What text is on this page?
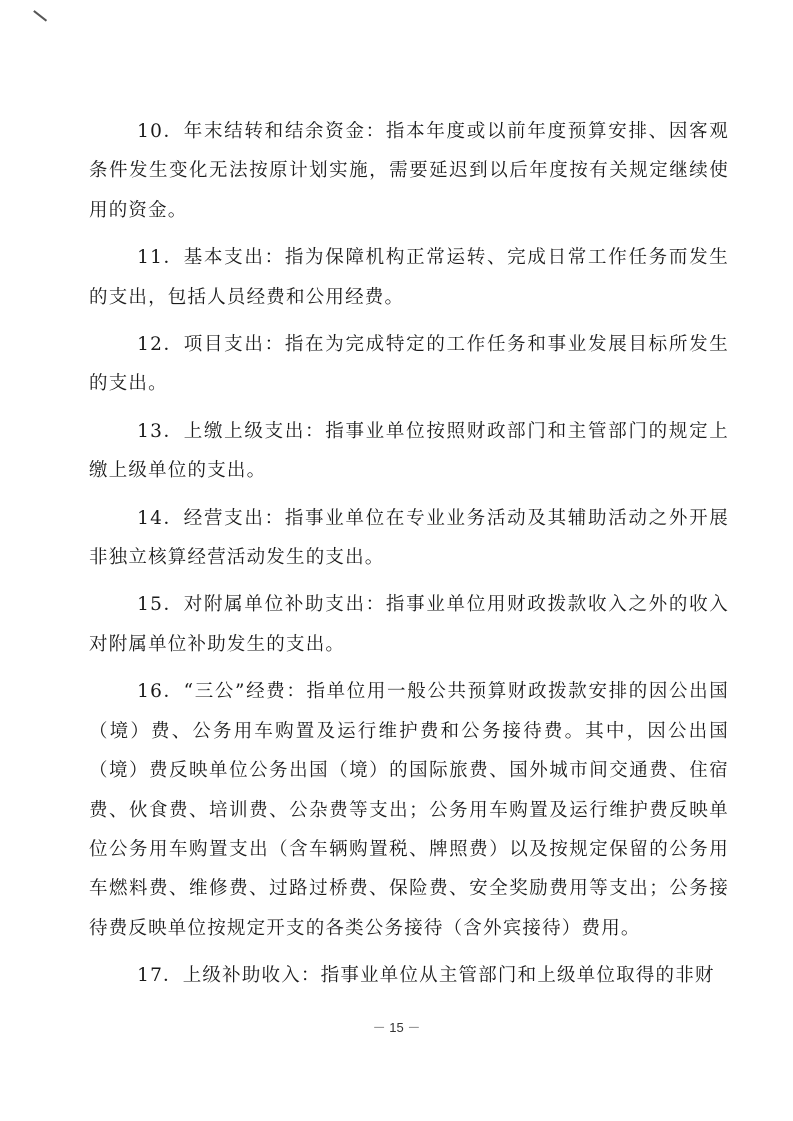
10．年末结转和结余资金：指本年度或以前年度预算安排、因客观条件发生变化无法按原计划实施，需要延迟到以后年度按有关规定继续使用的资金。

11．基本支出：指为保障机构正常运转、完成日常工作任务而发生的支出，包括人员经费和公用经费。

12．项目支出：指在为完成特定的工作任务和事业发展目标所发生的支出。

13．上缴上级支出：指事业单位按照财政部门和主管部门的规定上缴上级单位的支出。

14．经营支出：指事业单位在专业业务活动及其辅助活动之外开展非独立核算经营活动发生的支出。

15．对附属单位补助支出：指事业单位用财政拨款收入之外的收入对附属单位补助发生的支出。

16．“三公”经费：指单位用一般公共预算财政拨款安排的因公出国（境）费、公务用车购置及运行维护费和公务接待费。其中，因公出国（境）费反映单位公务出国（境）的国际旅费、国外城市间交通费、住宿费、伙食费、培训费、公杂费等支出；公务用车购置及运行维护费反映单位公务用车购置支出（含车辆购置税、牌照费）以及按规定保留的公务用车燃料费、维修费、过路过桥费、保险费、安全奖励费用等支出；公务接待费反映单位按规定开支的各类公务接待（含外宾接待）费用。

17．上级补助收入：指事业单位从主管部门和上级单位取得的非财

－ 15 －
